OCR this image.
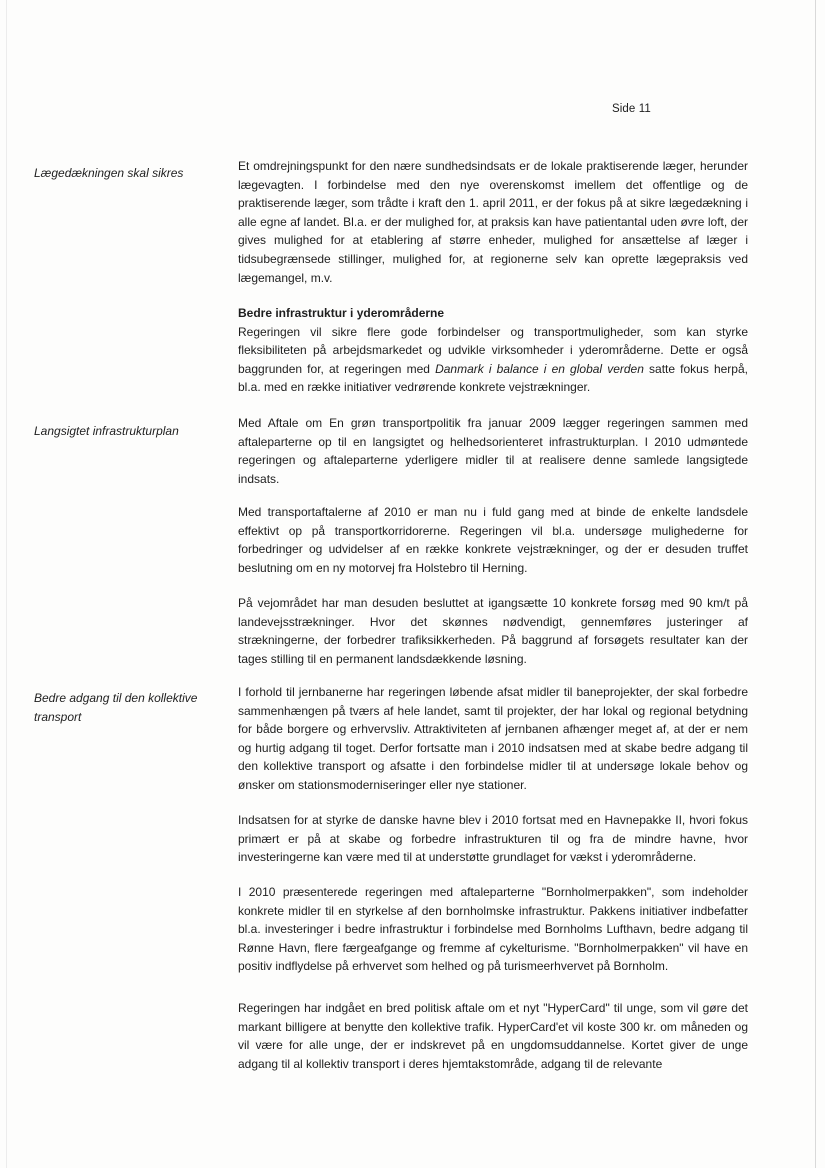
Side 11
Lægedækningen skal sikres
Langsigtet infrastrukturplan
Bedre adgang til den kollektive transport
Et omdrejningspunkt for den nære sundhedsindsats er de lokale praktiserende læger, herunder lægevagten. I forbindelse med den nye overenskomst imellem det offentlige og de praktiserende læger, som trådte i kraft den 1. april 2011, er der fokus på at sikre lægedækning i alle egne af landet. Bl.a. er der mulighed for, at praksis kan have patientantal uden øvre loft, der gives mulighed for at etablering af større enheder, mulighed for ansættelse af læger i tidsubegrænsede stillinger, mulighed for, at regionerne selv kan oprette lægepraksis ved lægemangel, m.v.
Bedre infrastruktur i yderområderne
Regeringen vil sikre flere gode forbindelser og transportmuligheder, som kan styrke fleksibiliteten på arbejdsmarkedet og udvikle virksomheder i yderområderne. Dette er også baggrunden for, at regeringen med Danmark i balance i en global verden satte fokus herpå, bl.a. med en række initiativer vedrørende konkrete vejstrækninger.
Med Aftale om En grøn transportpolitik fra januar 2009 lægger regeringen sammen med aftaleparterne op til en langsigtet og helhedsorienteret infrastrukturplan. I 2010 udmøntede regeringen og aftaleparterne yderligere midler til at realisere denne samlede langsigtede indsats.
Med transportaftalerne af 2010 er man nu i fuld gang med at binde de enkelte landsdele effektivt op på transportkorridorerne. Regeringen vil bl.a. undersøge mulighederne for forbedringer og udvidelser af en række konkrete vejstrækninger, og der er desuden truffet beslutning om en ny motorvej fra Holstebro til Herning.
På vejområdet har man desuden besluttet at igangsætte 10 konkrete forsøg med 90 km/t på landevejsstrækninger. Hvor det skønnes nødvendigt, gennemføres justeringer af strækningerne, der forbedrer trafiksikkerheden. På baggrund af forsøgets resultater kan der tages stilling til en permanent landsdækkende løsning.
I forhold til jernbanerne har regeringen løbende afsat midler til baneprojekter, der skal forbedre sammenhængen på tværs af hele landet, samt til projekter, der har lokal og regional betydning for både borgere og erhvervsliv. Attraktiviteten af jernbanen afhænger meget af, at der er nem og hurtig adgang til toget. Derfor fortsatte man i 2010 indsatsen med at skabe bedre adgang til den kollektive transport og afsatte i den forbindelse midler til at undersøge lokale behov og ønsker om stationsmoderniseringer eller nye stationer.
Indsatsen for at styrke de danske havne blev i 2010 fortsat med en Havnepakke II, hvori fokus primært er på at skabe og forbedre infrastrukturen til og fra de mindre havne, hvor investeringerne kan være med til at understøtte grundlaget for vækst i yderområderne.
I 2010 præsenterede regeringen med aftaleparterne "Bornholmerpakken", som indeholder konkrete midler til en styrkelse af den bornholmske infrastruktur. Pakkens initiativer indbefatter bl.a. investeringer i bedre infrastruktur i forbindelse med Bornholms Lufthavn, bedre adgang til Rønne Havn, flere færgeafgange og fremme af cykelturisme. "Bornholmerpakken" vil have en positiv indflydelse på erhvervet som helhed og på turismeerhvervet på Bornholm.
Regeringen har indgået en bred politisk aftale om et nyt "HyperCard" til unge, som vil gøre det markant billigere at benytte den kollektive trafik. HyperCard'et vil koste 300 kr. om måneden og vil være for alle unge, der er indskrevet på en ungdomsuddannelse. Kortet giver de unge adgang til al kollektiv transport i deres hjemtakstområde, adgang til de relevante
